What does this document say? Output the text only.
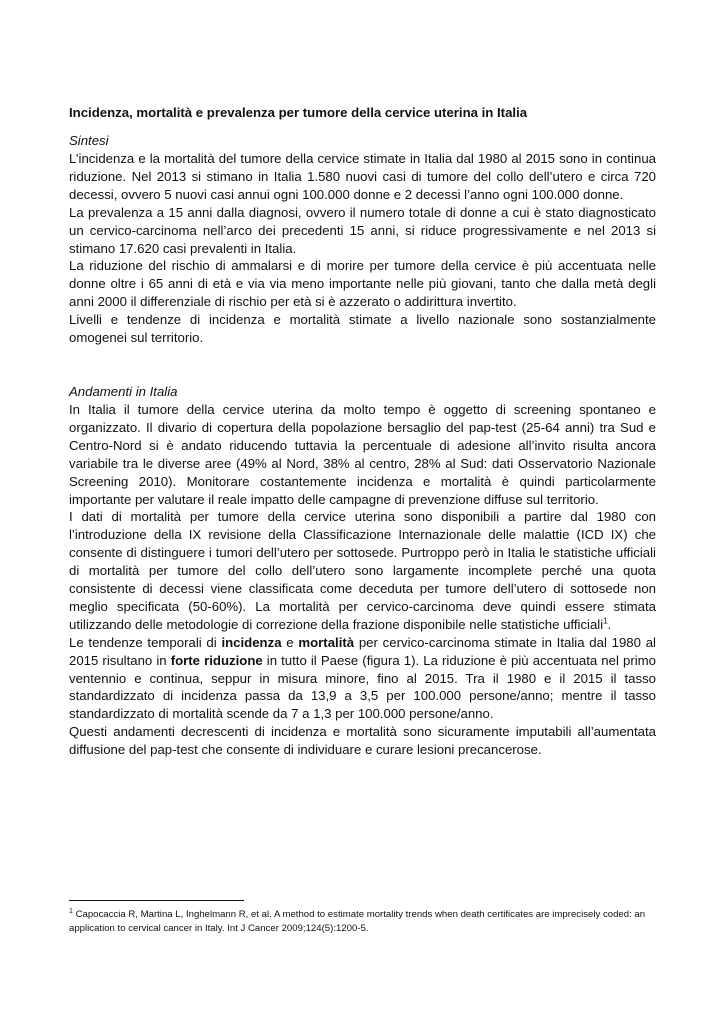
Incidenza, mortalità e prevalenza per tumore della cervice uterina in Italia
Sintesi

L’incidenza e la mortalità del tumore della cervice stimate in Italia dal 1980 al 2015 sono in continua riduzione. Nel 2013 si stimano in Italia 1.580 nuovi casi di tumore del collo dell’utero e circa 720 decessi, ovvero 5 nuovi casi annui ogni 100.000 donne e 2 decessi l’anno ogni 100.000 donne.

La prevalenza a 15 anni dalla diagnosi, ovvero il numero totale di donne a cui è stato diagnosticato un cervico-carcinoma nell’arco dei precedenti 15 anni, si riduce progressivamente e nel 2013 si stimano 17.620 casi prevalenti in Italia.

La riduzione del rischio di ammalarsi e di morire per tumore della cervice è più accentuata nelle donne oltre i 65 anni di età e via via meno importante nelle più giovani, tanto che dalla metà degli anni 2000 il differenziale di rischio per età si è azzerato o addirittura invertito.

Livelli e tendenze di incidenza e mortalità stimate a livello nazionale sono sostanzialmente omogenei sul territorio.

Andamenti in Italia

In Italia il tumore della cervice uterina da molto tempo è oggetto di screening spontaneo e organizzato. Il divario di copertura della popolazione bersaglio del pap-test (25-64 anni) tra Sud e Centro-Nord si è andato riducendo tuttavia la percentuale di adesione all’invito risulta ancora variabile tra le diverse aree (49% al Nord, 38% al centro, 28% al Sud: dati Osservatorio Nazionale Screening 2010). Monitorare costantemente incidenza e mortalità è quindi particolarmente importante per valutare il reale impatto delle campagne di prevenzione diffuse sul territorio.

I dati di mortalità per tumore della cervice uterina sono disponibili a partire dal 1980 con l’introduzione della IX revisione della Classificazione Internazionale delle malattie (ICD IX) che consente di distinguere i tumori dell’utero per sottosede. Purtroppo però in Italia le statistiche ufficiali di mortalità per tumore del collo dell’utero sono largamente incomplete perché una quota consistente di decessi viene classificata come deceduta per tumore dell’utero di sottosede non meglio specificata (50-60%). La mortalità per cervico-carcinoma deve quindi essere stimata utilizzando delle metodologie di correzione della frazione disponibile nelle statistiche ufficiali$^1$.

Le tendenze temporali di incidenza e mortalità per cervico-carcinoma stimate in Italia dal 1980 al 2015 risultano in forte riduzione in tutto il Paese (figura 1). La riduzione è più accentuata nel primo ventennio e continua, seppur in misura minore, fino al 2015. Tra il 1980 e il 2015 il tasso standardizzato di incidenza passa da 13,9 a 3,5 per 100.000 persone/anno; mentre il tasso standardizzato di mortalità scende da 7 a 1,3 per 100.000 persone/anno.

Questi andamenti decrescenti di incidenza e mortalità sono sicuramente imputabili all’aumentata diffusione del pap-test che consente di individuare e curare lesioni precancerose.

$^1$ Capocaccia R, Martina L, Inghelmann R, et al. A method to estimate mortality trends when death certificates are imprecisely coded: an application to cervical cancer in Italy. Int J Cancer 2009;124(5):1200-5.
